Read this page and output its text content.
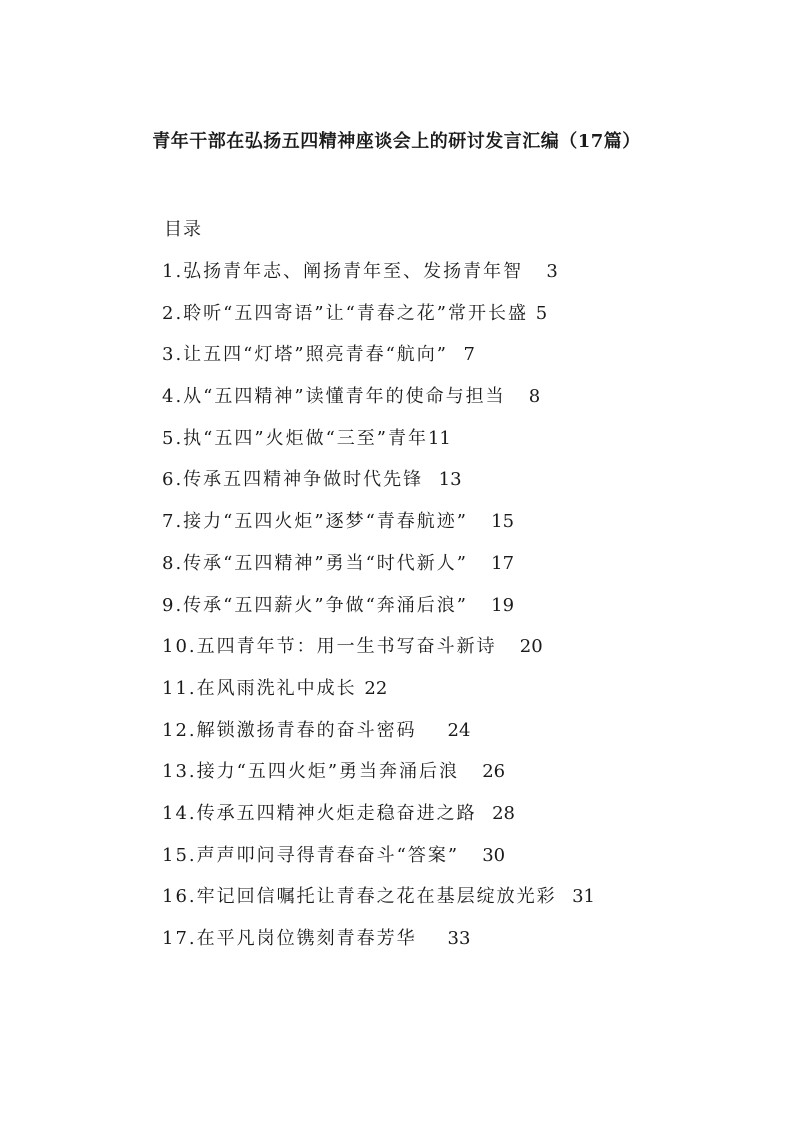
青年干部在弘扬五四精神座谈会上的研讨发言汇编（17篇）
目录
1.弘扬青年志、阐扬青年至、发扬青年智 3
2.聆听“五四寄语”让“青春之花”常开长盛 5
3.让五四“灯塔”照亮青春“航向” 7
4.从“五四精神”读懂青年的使命与担当 8
5.执“五四”火炬做“三至”青年11
6.传承五四精神争做时代先锋 13
7.接力“五四火炬”逐梦“青春航迹” 15
8.传承“五四精神”勇当“时代新人” 17
9.传承“五四薪火”争做“奔涌后浪” 19
10.五四青年节：用一生书写奋斗新诗 20
11.在风雨洗礼中成长 22
12.解锁激扬青春的奋斗密码 24
13.接力“五四火炬”勇当奔涌后浪 26
14.传承五四精神火炬走稳奋进之路 28
15.声声叩问寻得青春奋斗“答案” 30
16.牢记回信嘱托让青春之花在基层绽放光彩 31
17.在平凡岗位镌刻青春芳华 33
